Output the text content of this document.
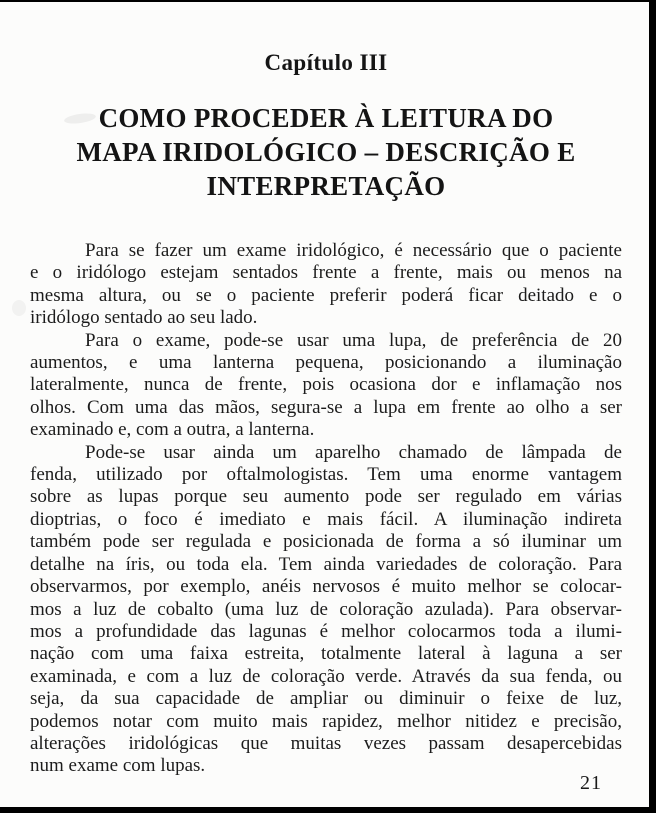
Capítulo III
COMO PROCEDER À LEITURA DO
MAPA IRIDOLÓGICO – DESCRIÇÃO E
INTERPRETAÇÃO
Para se fazer um exame iridológico, é necessário que o paciente
e o iridólogo estejam sentados frente a frente, mais ou menos na
mesma altura, ou se o paciente preferir poderá ficar deitado e o
iridólogo sentado ao seu lado.
Para o exame, pode-se usar uma lupa, de preferência de 20
aumentos, e uma lanterna pequena, posicionando a iluminação
lateralmente, nunca de frente, pois ocasiona dor e inflamação nos
olhos. Com uma das mãos, segura-se a lupa em frente ao olho a ser
examinado e, com a outra, a lanterna.
Pode-se usar ainda um aparelho chamado de lâmpada de
fenda, utilizado por oftalmologistas. Tem uma enorme vantagem
sobre as lupas porque seu aumento pode ser regulado em várias
dioptrias, o foco é imediato e mais fácil. A iluminação indireta
também pode ser regulada e posicionada de forma a só iluminar um
detalhe na íris, ou toda ela. Tem ainda variedades de coloração. Para
observarmos, por exemplo, anéis nervosos é muito melhor se colocar-
mos a luz de cobalto (uma luz de coloração azulada). Para observar-
mos a profundidade das lagunas é melhor colocarmos toda a ilumi-
nação com uma faixa estreita, totalmente lateral à laguna a ser
examinada, e com a luz de coloração verde. Através da sua fenda, ou
seja, da sua capacidade de ampliar ou diminuir o feixe de luz,
podemos notar com muito mais rapidez, melhor nitidez e precisão,
alterações iridológicas que muitas vezes passam desapercebidas
num exame com lupas.
21
